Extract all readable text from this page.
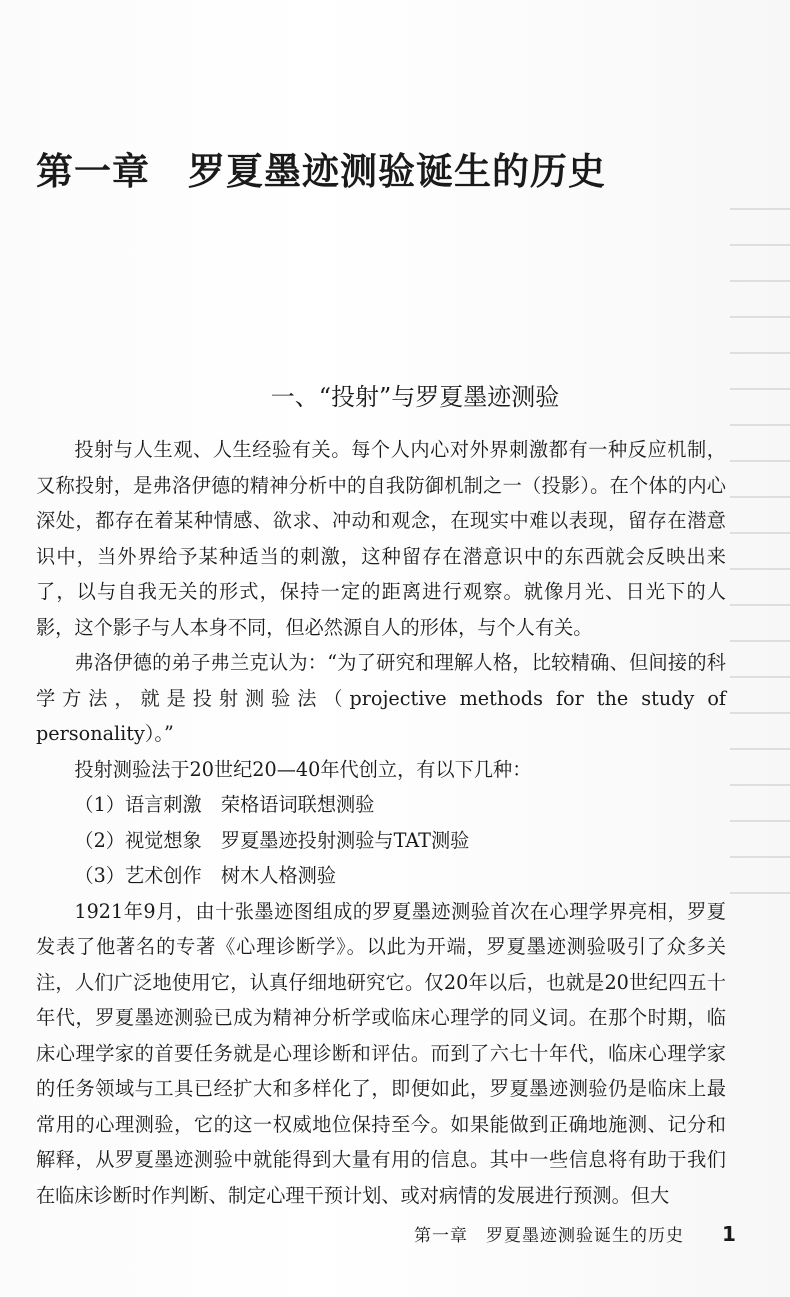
第一章　罗夏墨迹测验诞生的历史
一、“投射”与罗夏墨迹测验

投射与人生观、人生经验有关。每个人内心对外界刺激都有一种反应机制，又称投射，是弗洛伊德的精神分析中的自我防御机制之一（投影）。在个体的内心深处，都存在着某种情感、欲求、冲动和观念，在现实中难以表现，留存在潜意识中，当外界给予某种适当的刺激，这种留存在潜意识中的东西就会反映出来了，以与自我无关的形式，保持一定的距离进行观察。就像月光、日光下的人影，这个影子与人本身不同，但必然源自人的形体，与个人有关。

弗洛伊德的弟子弗兰克认为：“为了研究和理解人格，比较精确、但间接的科学方法，就是投射测验法（projective methods for the study of personality）。”

投射测验法于20世纪20—40年代创立，有以下几种：

（1）语言刺激　荣格语词联想测验
（2）视觉想象　罗夏墨迹投射测验与TAT测验
（3）艺术创作　树木人格测验

1921年9月，由十张墨迹图组成的罗夏墨迹测验首次在心理学界亮相，罗夏发表了他著名的专著《心理诊断学》。以此为开端，罗夏墨迹测验吸引了众多关注，人们广泛地使用它，认真仔细地研究它。仅20年以后，也就是20世纪四五十年代，罗夏墨迹测验已成为精神分析学或临床心理学的同义词。在那个时期，临床心理学家的首要任务就是心理诊断和评估。而到了六七十年代，临床心理学家的任务领域与工具已经扩大和多样化了，即便如此，罗夏墨迹测验仍是临床上最常用的心理测验，它的这一权威地位保持至今。如果能做到正确地施测、记分和解释，从罗夏墨迹测验中就能得到大量有用的信息。其中一些信息将有助于我们在临床诊断时作判断、制定心理干预计划、或对病情的发展进行预测。但大

第一章　罗夏墨迹测验诞生的历史 1
